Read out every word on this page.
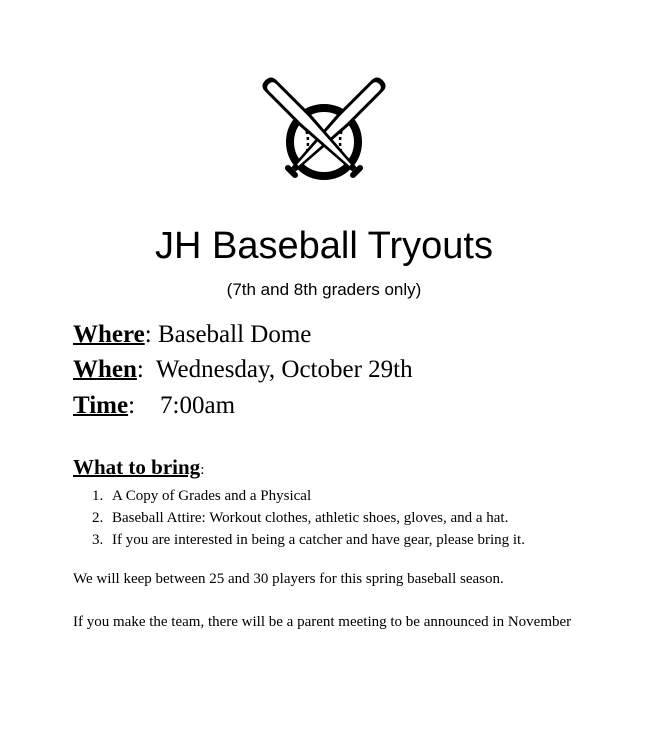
JH Baseball Tryouts
(7th and 8th graders only)
Where: Baseball Dome
When:  Wednesday, October 29th
Time:    7:00am
What to bring:
1. A Copy of Grades and a Physical
2. Baseball Attire: Workout clothes, athletic shoes, gloves, and a hat.
3. If you are interested in being a catcher and have gear, please bring it.
We will keep between 25 and 30 players for this spring baseball season.
If you make the team, there will be a parent meeting to be announced in November
